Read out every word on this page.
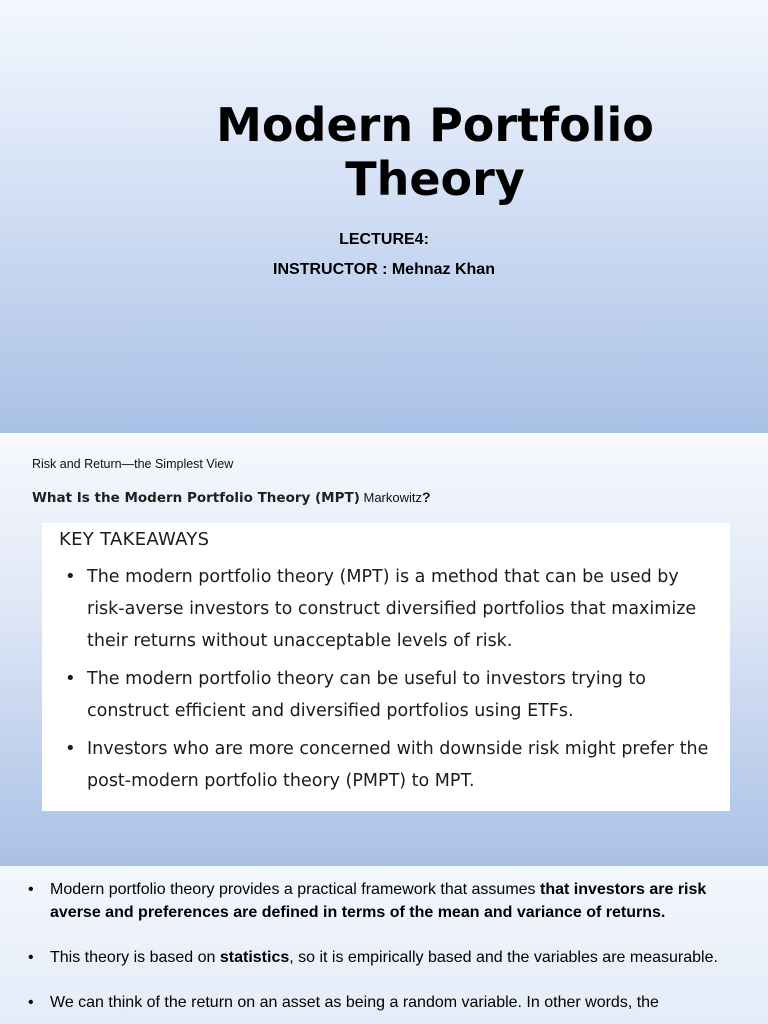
Modern Portfolio
Theory
LECTURE4:
INSTRUCTOR : Mehnaz Khan
Risk and Return—the Simplest View
What Is the Modern Portfolio Theory (MPT) Markowitz?
KEY TAKEAWAYS
• The modern portfolio theory (MPT) is a method that can be used by risk-averse investors to construct diversified portfolios that maximize their returns without unacceptable levels of risk.
• The modern portfolio theory can be useful to investors trying to construct efficient and diversified portfolios using ETFs.
• Investors who are more concerned with downside risk might prefer the post-modern portfolio theory (PMPT) to MPT.
• Modern portfolio theory provides a practical framework that assumes that investors are risk averse and preferences are defined in terms of the mean and variance of returns.
• This theory is based on statistics, so it is empirically based and the variables are measurable.
• We can think of the return on an asset as being a random variable. In other words, the
